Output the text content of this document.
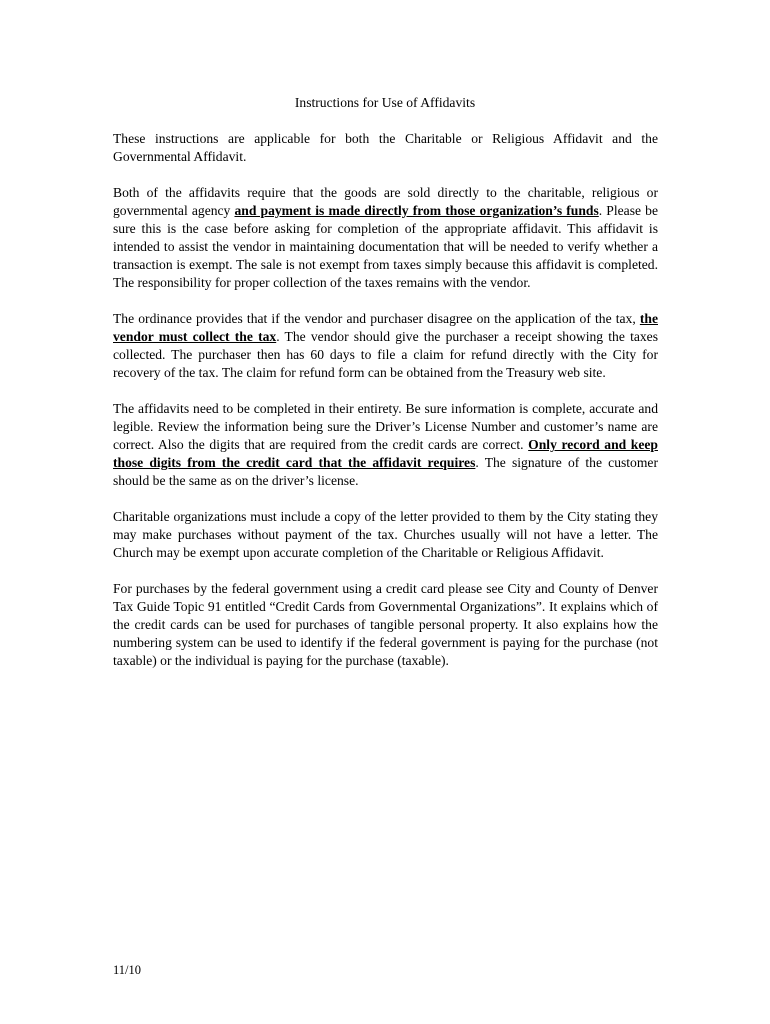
Instructions for Use of Affidavits

These instructions are applicable for both the Charitable or Religious Affidavit and the Governmental Affidavit.

Both of the affidavits require that the goods are sold directly to the charitable, religious or governmental agency and payment is made directly from those organization’s funds. Please be sure this is the case before asking for completion of the appropriate affidavit. This affidavit is intended to assist the vendor in maintaining documentation that will be needed to verify whether a transaction is exempt. The sale is not exempt from taxes simply because this affidavit is completed. The responsibility for proper collection of the taxes remains with the vendor.

The ordinance provides that if the vendor and purchaser disagree on the application of the tax, the vendor must collect the tax. The vendor should give the purchaser a receipt showing the taxes collected. The purchaser then has 60 days to file a claim for refund directly with the City for recovery of the tax. The claim for refund form can be obtained from the Treasury web site.

The affidavits need to be completed in their entirety. Be sure information is complete, accurate and legible. Review the information being sure the Driver’s License Number and customer’s name are correct. Also the digits that are required from the credit cards are correct. Only record and keep those digits from the credit card that the affidavit requires. The signature of the customer should be the same as on the driver’s license.

Charitable organizations must include a copy of the letter provided to them by the City stating they may make purchases without payment of the tax. Churches usually will not have a letter. The Church may be exempt upon accurate completion of the Charitable or Religious Affidavit.

For purchases by the federal government using a credit card please see City and County of Denver Tax Guide Topic 91 entitled “Credit Cards from Governmental Organizations”. It explains which of the credit cards can be used for purchases of tangible personal property. It also explains how the numbering system can be used to identify if the federal government is paying for the purchase (not taxable) or the individual is paying for the purchase (taxable).

11/10
